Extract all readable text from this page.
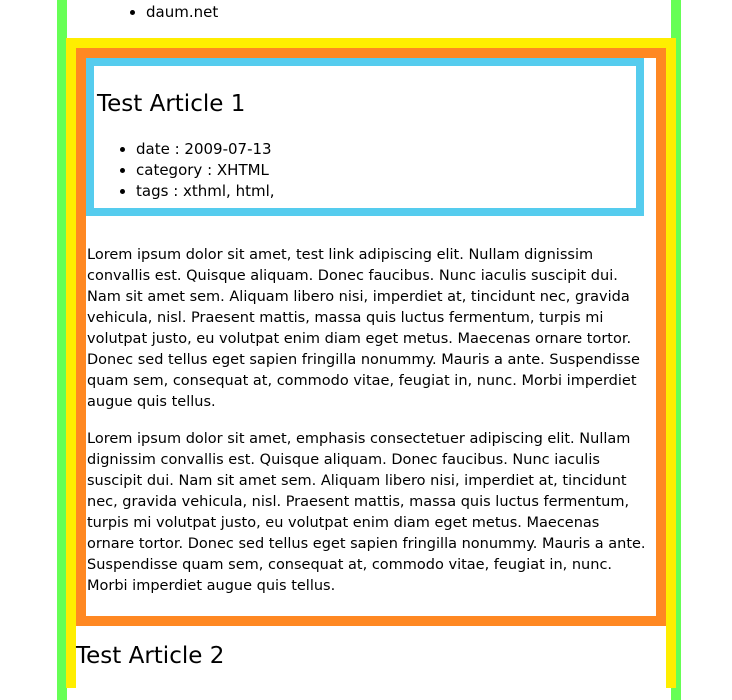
• daum.net
Test Article 1
• date : 2009-07-13
• category : XHTML
• tags : xthml, html,

Lorem ipsum dolor sit amet, test link adipiscing elit. Nullam dignissim convallis est. Quisque aliquam. Donec faucibus. Nunc iaculis suscipit dui. Nam sit amet sem. Aliquam libero nisi, imperdiet at, tincidunt nec, gravida vehicula, nisl. Praesent mattis, massa quis luctus fermentum, turpis mi volutpat justo, eu volutpat enim diam eget metus. Maecenas ornare tortor. Donec sed tellus eget sapien fringilla nonummy. Mauris a ante. Suspendisse quam sem, consequat at, commodo vitae, feugiat in, nunc. Morbi imperdiet augue quis tellus.

Lorem ipsum dolor sit amet, emphasis consectetuer adipiscing elit. Nullam dignissim convallis est. Quisque aliquam. Donec faucibus. Nunc iaculis suscipit dui. Nam sit amet sem. Aliquam libero nisi, imperdiet at, tincidunt nec, gravida vehicula, nisl. Praesent mattis, massa quis luctus fermentum, turpis mi volutpat justo, eu volutpat enim diam eget metus. Maecenas ornare tortor. Donec sed tellus eget sapien fringilla nonummy. Mauris a ante. Suspendisse quam sem, consequat at, commodo vitae, feugiat in, nunc. Morbi imperdiet augue quis tellus.

Test Article 2
